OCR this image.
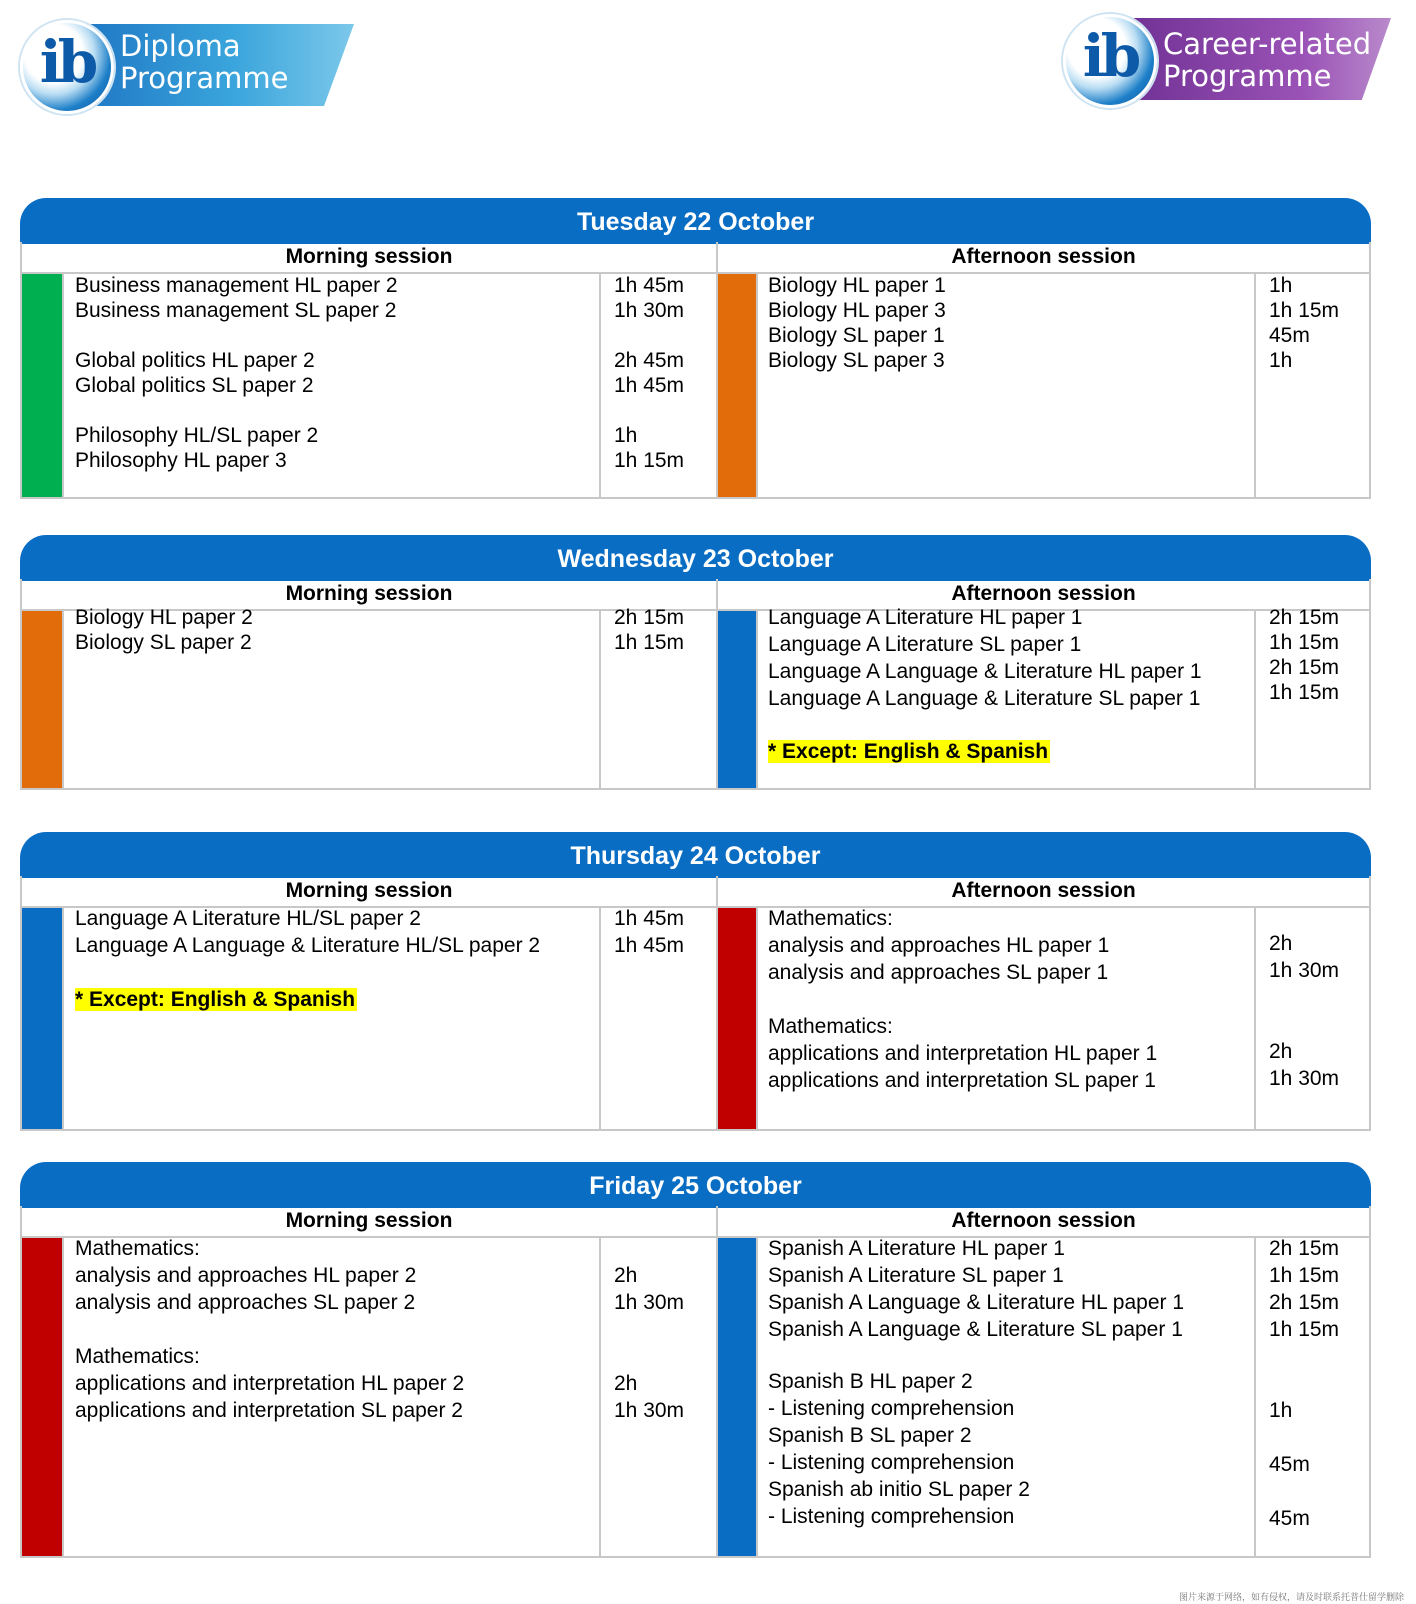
ib Diploma
Programme	ib Career-related
Programme
Tuesday 22 October
Morning session	Afternoon session
Business management HL paper 2	1h 45m
Business management SL paper 2	1h 30m
Global politics HL paper 2	2h 45m
Global politics SL paper 2	1h 45m
Philosophy HL/SL paper 2	1h
Philosophy HL paper 3	1h 15m
Biology HL paper 1	1h
Biology HL paper 3	1h 15m
Biology SL paper 1	45m
Biology SL paper 3	1h
Wednesday 23 October
Morning session	Afternoon session
Biology HL paper 2	2h 15m
Biology SL paper 2	1h 15m
Language A Literature HL paper 1	2h 15m
Language A Literature SL paper 1	1h 15m
Language A Language & Literature HL paper 1	2h 15m
Language A Language & Literature SL paper 1	1h 15m
* Except: English & Spanish
Thursday 24 October
Morning session	Afternoon session
Language A Literature HL/SL paper 2	1h 45m
Language A Language & Literature HL/SL paper 2	1h 45m
* Except: English & Spanish
Mathematics:
analysis and approaches HL paper 1	2h
analysis and approaches SL paper 1	1h 30m
Mathematics:
applications and interpretation HL paper 1	2h
applications and interpretation SL paper 1	1h 30m
Friday 25 October
Morning session	Afternoon session
Mathematics:
analysis and approaches HL paper 2	2h
analysis and approaches SL paper 2	1h 30m
Mathematics:
applications and interpretation HL paper 2	2h
applications and interpretation SL paper 2	1h 30m
Spanish A Literature HL paper 1	2h 15m
Spanish A Literature SL paper 1	1h 15m
Spanish A Language & Literature HL paper 1	2h 15m
Spanish A Language & Literature SL paper 1	1h 15m
Spanish B HL paper 2
- Listening comprehension	1h
Spanish B SL paper 2
- Listening comprehension	45m
Spanish ab initio SL paper 2
- Listening comprehension	45m
图片来源于网络，如有侵权，请及时联系托普仕留学删除
